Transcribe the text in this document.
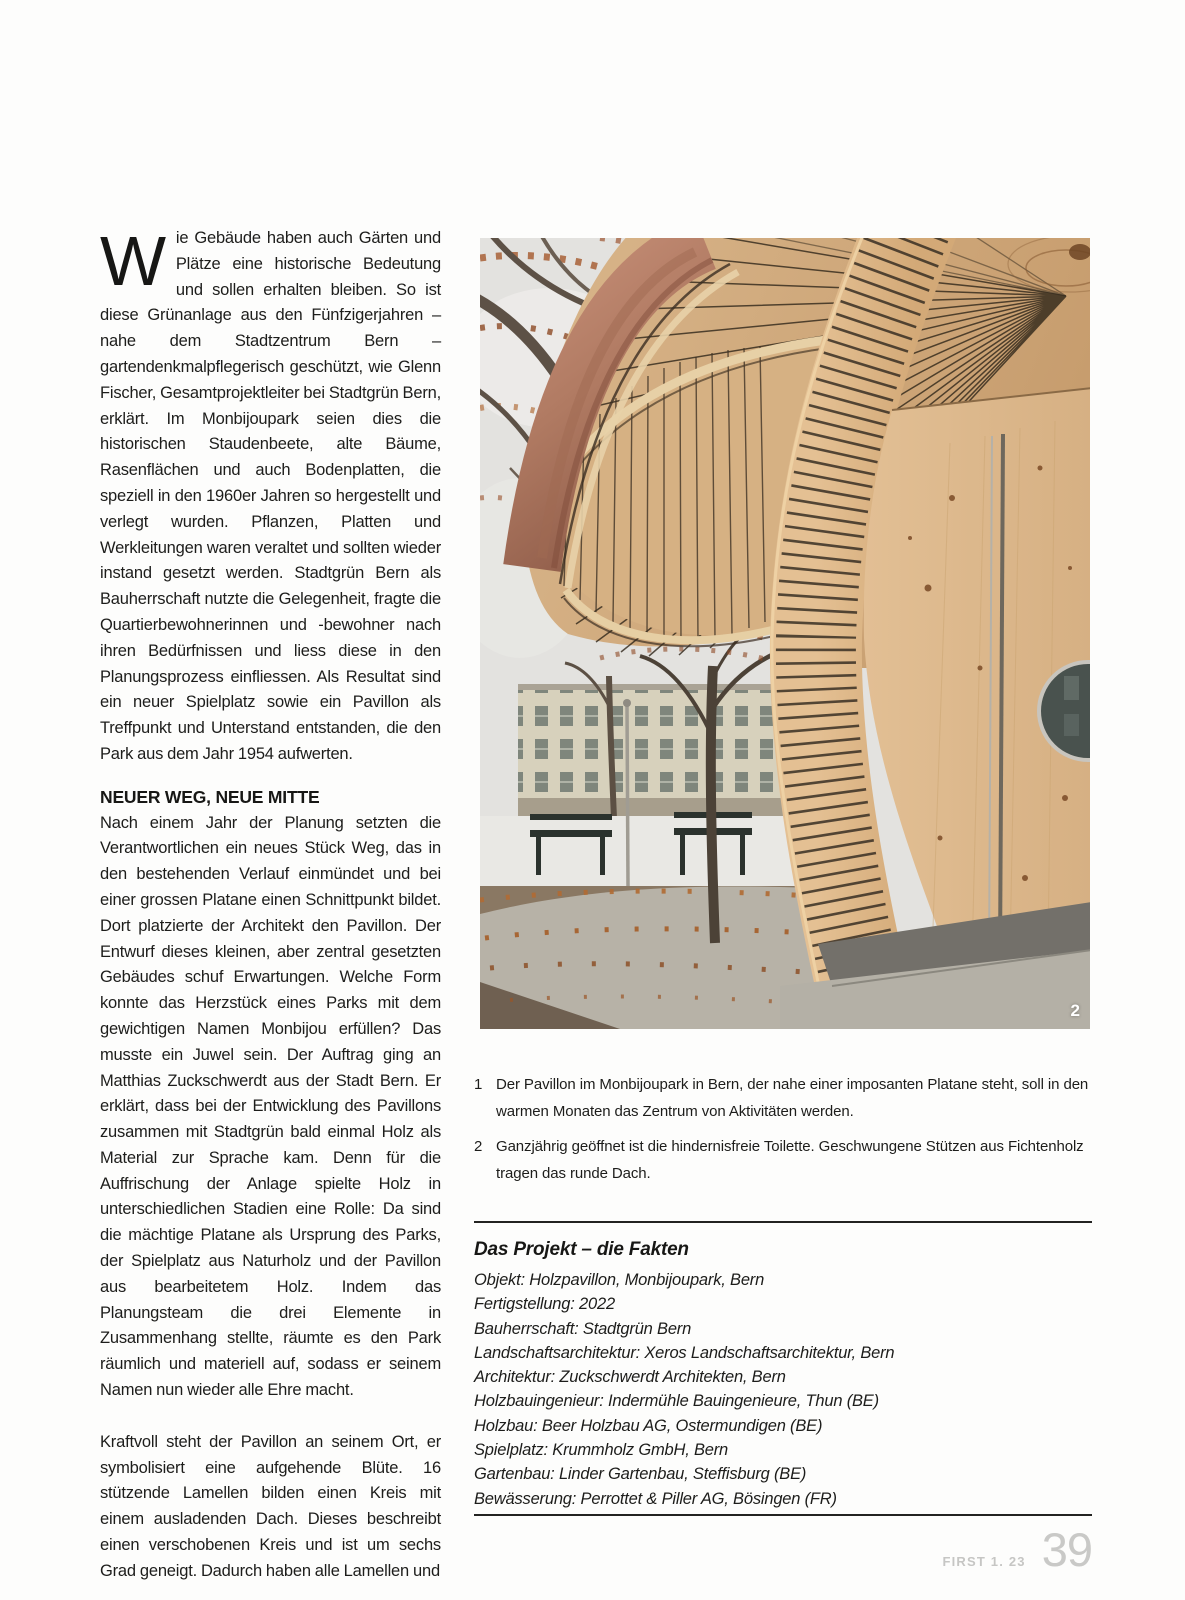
Wie Gebäude haben auch Gärten und Plätze eine historische Bedeutung und sollen erhalten bleiben. So ist diese Grünanlage aus den Fünfzigerjahren – nahe dem Stadtzentrum Bern – gartendenkmalpflegerisch geschützt, wie Glenn Fischer, Gesamtprojektleiter bei Stadtgrün Bern, erklärt. Im Monbijoupark seien dies die historischen Staudenbeete, alte Bäume, Rasenflächen und auch Bodenplatten, die speziell in den 1960er Jahren so hergestellt und verlegt wurden. Pflanzen, Platten und Werkleitungen waren veraltet und sollten wieder instand gesetzt werden. Stadtgrün Bern als Bauherrschaft nutzte die Gelegenheit, fragte die Quartierbewohnerinnen und -bewohner nach ihren Bedürfnissen und liess diese in den Planungsprozess einfliessen. Als Resultat sind ein neuer Spielplatz sowie ein Pavillon als Treffpunkt und Unterstand entstanden, die den Park aus dem Jahr 1954 aufwerten.
NEUER WEG, NEUE MITTE
Nach einem Jahr der Planung setzten die Verantwortlichen ein neues Stück Weg, das in den bestehenden Verlauf einmündet und bei einer grossen Platane einen Schnittpunkt bildet. Dort platzierte der Architekt den Pavillon. Der Entwurf dieses kleinen, aber zentral gesetzten Gebäudes schuf Erwartungen. Welche Form konnte das Herzstück eines Parks mit dem gewichtigen Namen Monbijou erfüllen? Das musste ein Juwel sein. Der Auftrag ging an Matthias Zuckschwerdt aus der Stadt Bern. Er erklärt, dass bei der Entwicklung des Pavillons zusammen mit Stadtgrün bald einmal Holz als Material zur Sprache kam. Denn für die Auffrischung der Anlage spielte Holz in unterschiedlichen Stadien eine Rolle: Da sind die mächtige Platane als Ursprung des Parks, der Spielplatz aus Naturholz und der Pavillon aus bearbeitetem Holz. Indem das Planungsteam die drei Elemente in Zusammenhang stellte, räumte es den Park räumlich und materiell auf, sodass er seinem Namen nun wieder alle Ehre macht.
Kraftvoll steht der Pavillon an seinem Ort, er symbolisiert eine aufgehende Blüte. 16 stützende Lamellen bilden einen Kreis mit einem ausladenden Dach. Dieses beschreibt einen verschobenen Kreis und ist um sechs Grad geneigt. Dadurch haben alle Lamellen und
2
1 Der Pavillon im Monbijoupark in Bern, der nahe einer imposanten Platane steht, soll in den warmen Monaten das Zentrum von Aktivitäten werden.
2 Ganzjährig geöffnet ist die hindernisfreie Toilette. Geschwungene Stützen aus Fichtenholz tragen das runde Dach.
Das Projekt – die Fakten
Objekt: Holzpavillon, Monbijoupark, Bern
Fertigstellung: 2022
Bauherrschaft: Stadtgrün Bern
Landschaftsarchitektur: Xeros Landschaftsarchitektur, Bern
Architektur: Zuckschwerdt Architekten, Bern
Holzbauingenieur: Indermühle Bauingenieure, Thun (BE)
Holzbau: Beer Holzbau AG, Ostermundigen (BE)
Spielplatz: Krummholz GmbH, Bern
Gartenbau: Linder Gartenbau, Steffisburg (BE)
Bewässerung: Perrottet & Piller AG, Bösingen (FR)
FIRST 1. 23 39
